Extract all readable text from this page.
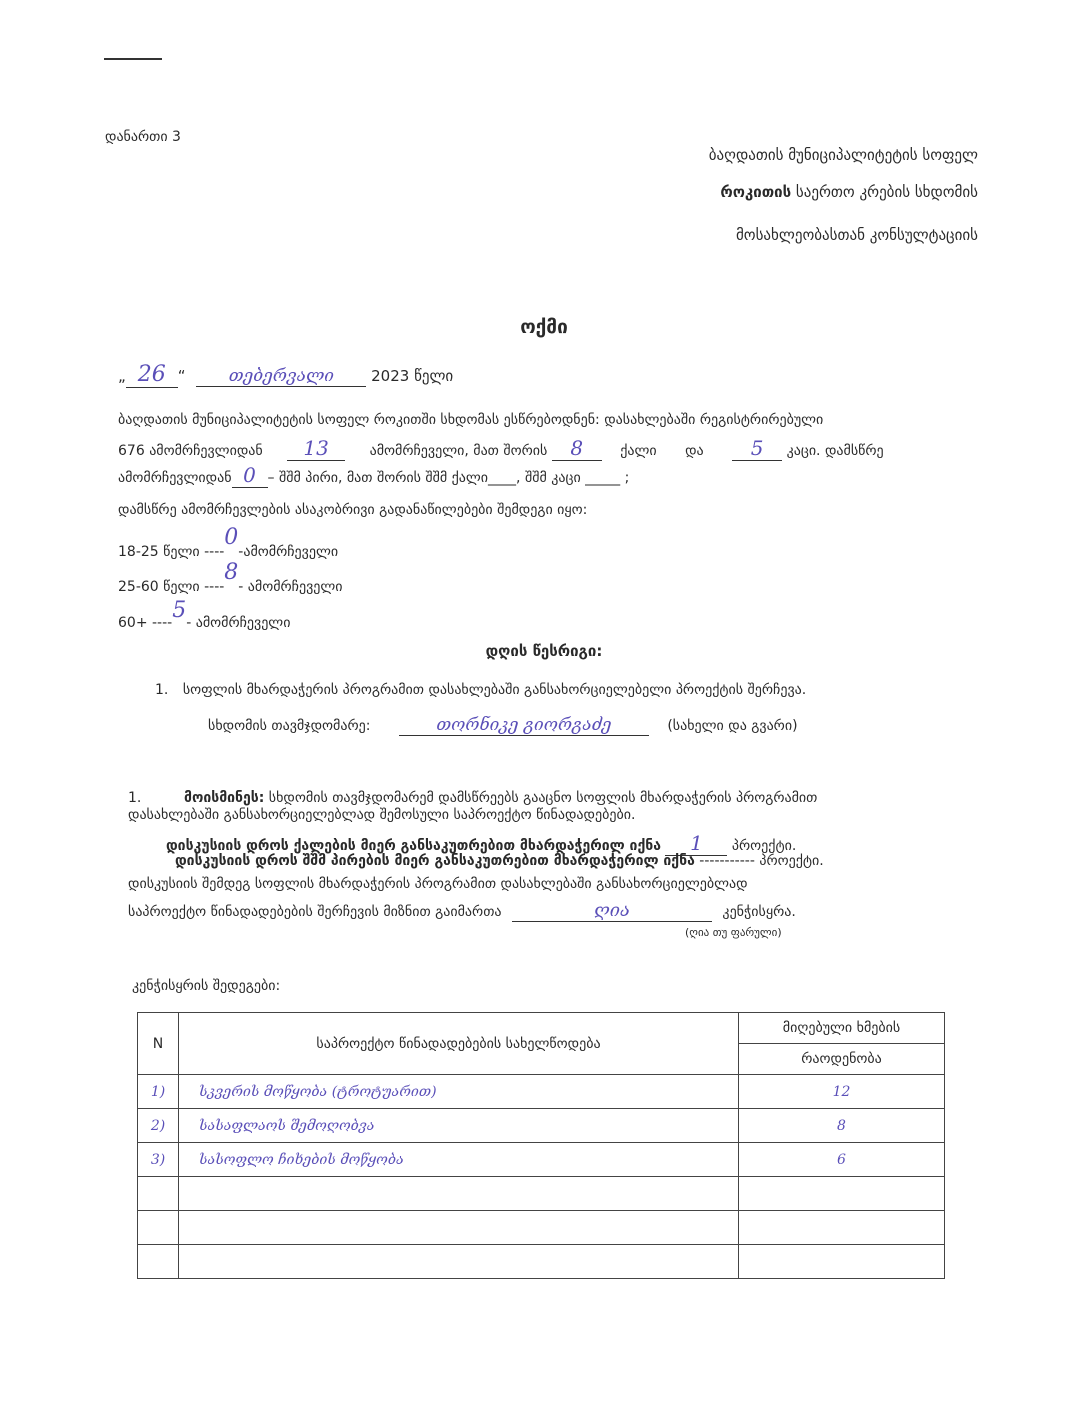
დანართი 3
ბაღდათის მუნიციპალიტეტის სოფელ
როკითის საერთო კრების სხდომის
მოსახლეობასთან კონსულტაციის
ოქმი
„ 26 “	თებერვალი 2023 წელი
ბაღდათის მუნიციპალიტეტის სოფელ როკითში სხდომას ესწრებოდნენ: დასახლებაში რეგისტრირებული
676 ამომრჩევლიდან 13	ამომრჩეველი, მათ შორის 8	ქალი და 5 კაცი. დამსწრე
ამომრჩევლიდან 0 – შშმ პირი, მათ შორის შშმ ქალი____, შშმ კაცი _____ ;
დამსწრე ამომრჩევლების ასაკობრივი გადანაწილებები შემდეგი იყო:
18-25 წელი ----0-ამომრჩეველი
25-60 წელი ----8- ამომრჩეველი
60+ ----5- ამომრჩეველი
დღის წესრიგი:
1. სოფლის მხარდაჭერის პროგრამით დასახლებაში განსახორციელებელი პროექტის შერჩევა.
სხდომის თავმჯდომარე:	თორნიკე გიორგაძე	(სახელი და გვარი)
1.	მოისმინეს: სხდომის თავმჯდომარემ დამსწრეებს გააცნო სოფლის მხარდაჭერის პროგრამით
დასახლებაში განსახორციელებლად შემოსული საპროექტო წინადადებები.
დისკუსიის დროს ქალების მიერ განსაკუთრებით მხარდაჭერილ იქნა 1 პროექტი.
დისკუსიის დროს შშმ პირების მიერ განსაკუთრებით მხარდაჭერილ იქნა ----------- პროექტი.
დისკუსიის შემდეგ სოფლის მხარდაჭერის პროგრამით დასახლებაში განსახორციელებლად
საპროექტო წინადადებების შერჩევის მიზნით გაიმართა	ღია	კენჭისყრა.
(ღია თუ ფარული)
კენჭისყრის შედეგები:
N	საპროექტო წინადადებების სახელწოდება	მიღებული ხმების
		რაოდენობა
1)	სკვერის მოწყობა (ტროტუარით)	12
2)	სასაფლაოს შემოღობვა	8
3)	სასოფლო ჩიხების მოწყობა	6
